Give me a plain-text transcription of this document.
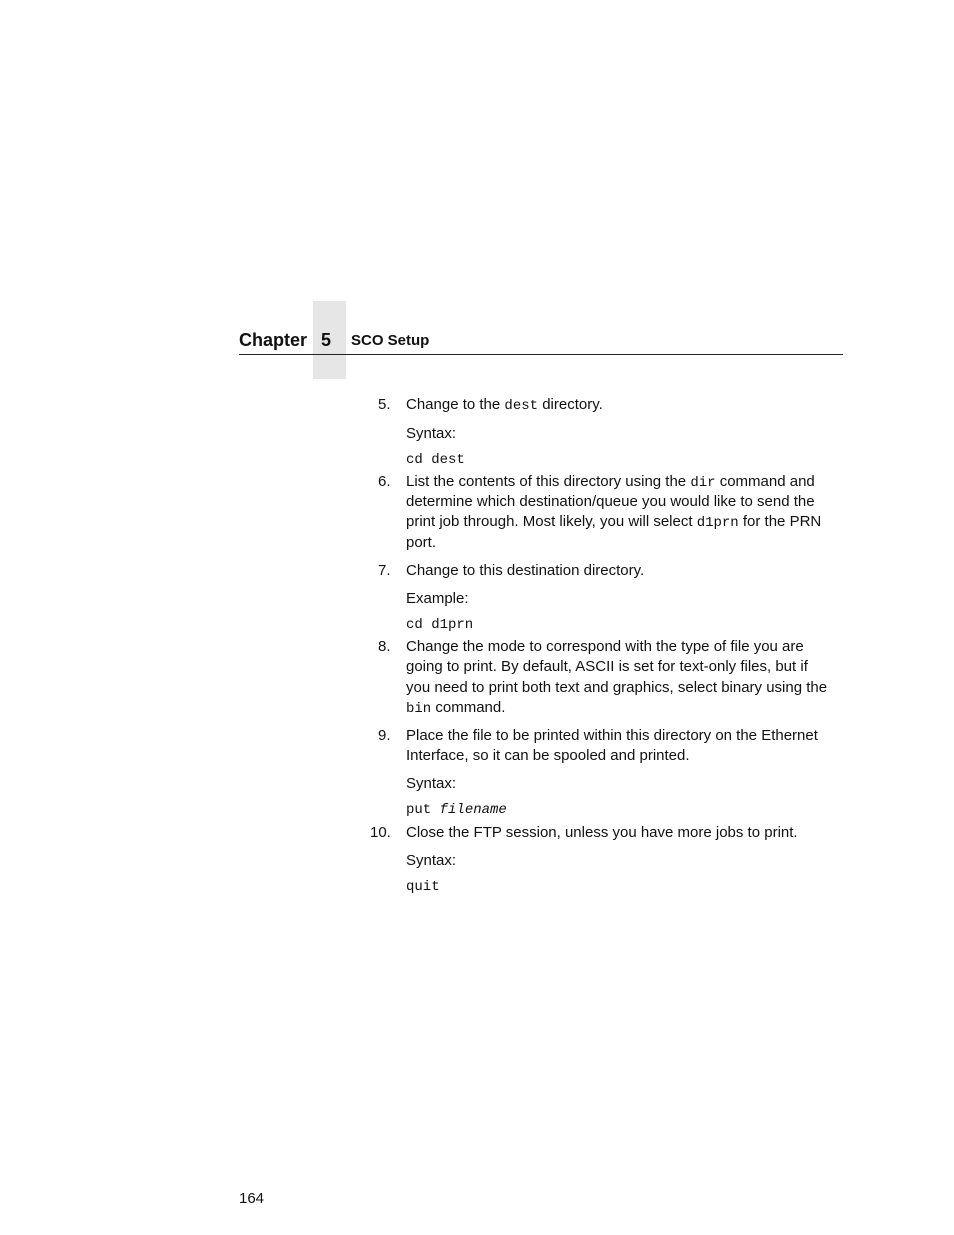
Chapter 5 SCO Setup
5. Change to the dest directory.
Syntax:
cd dest
6. List the contents of this directory using the dir command and
determine which destination/queue you would like to send the
print job through. Most likely, you will select d1prn for the PRN
port.
7. Change to this destination directory.
Example:
cd d1prn
8. Change the mode to correspond with the type of file you are
going to print. By default, ASCII is set for text-only files, but if
you need to print both text and graphics, select binary using the
bin command.
9. Place the file to be printed within this directory on the Ethernet
Interface, so it can be spooled and printed.
Syntax:
put filename
10. Close the FTP session, unless you have more jobs to print.
Syntax:
quit
164
